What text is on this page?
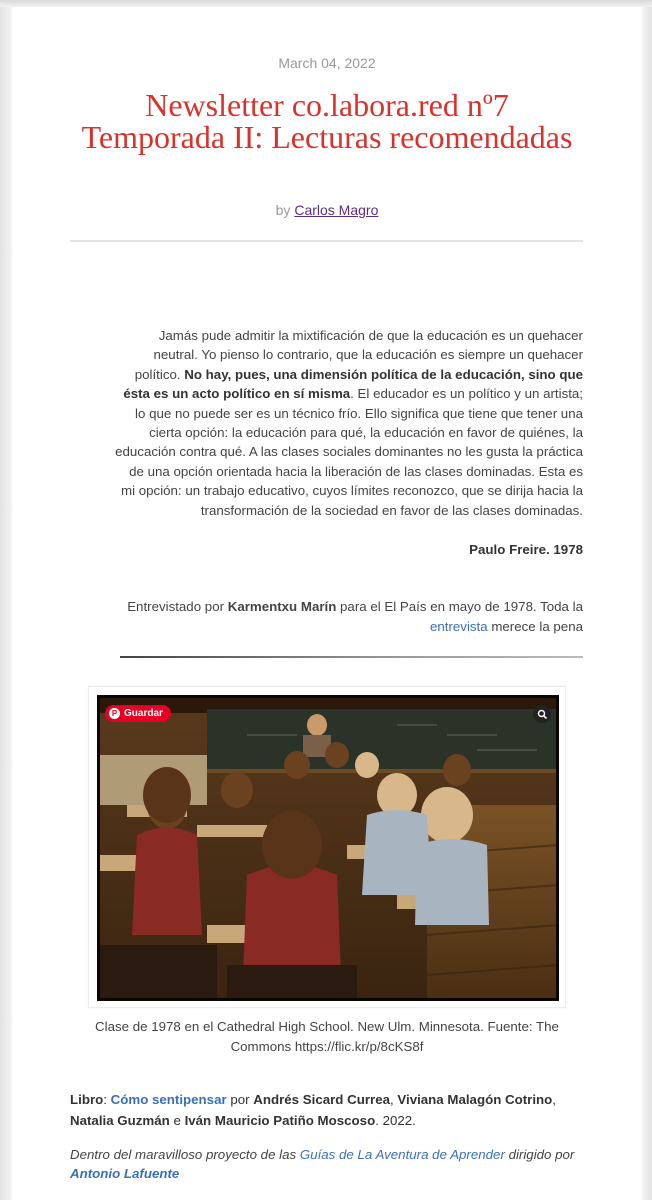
March 04, 2022
Newsletter co.labora.red nº7 Temporada II: Lecturas recomendadas
by Carlos Magro
Jamás pude admitir la mixtificación de que la educación es un quehacer neutral. Yo pienso lo contrario, que la educación es siempre un quehacer político. No hay, pues, una dimensión política de la educación, sino que ésta es un acto político en sí misma. El educador es un político y un artista; lo que no puede ser es un técnico frío. Ello significa que tiene que tener una cierta opción: la educación para qué, la educación en favor de quiénes, la educación contra qué. A las clases sociales dominantes no les gusta la práctica de una opción orientada hacia la liberación de las clases dominadas. Esta es mi opción: un trabajo educativo, cuyos límites reconozco, que se dirija hacia la transformación de la sociedad en favor de las clases dominadas.
Paulo Freire. 1978
Entrevistado por Karmentxu Marín para el El País en mayo de 1978. Toda la entrevista merece la pena
P Guardar
Clase de 1978 en el Cathedral High School. New Ulm. Minnesota. Fuente: The Commons https://flic.kr/p/8cKS8f
Libro: Cómo sentipensar por Andrés Sicard Currea, Viviana Malagón Cotrino, Natalia Guzmán e Iván Mauricio Patiño Moscoso. 2022.
Dentro del maravilloso proyecto de las Guías de La Aventura de Aprender dirigido por Antonio Lafuente
